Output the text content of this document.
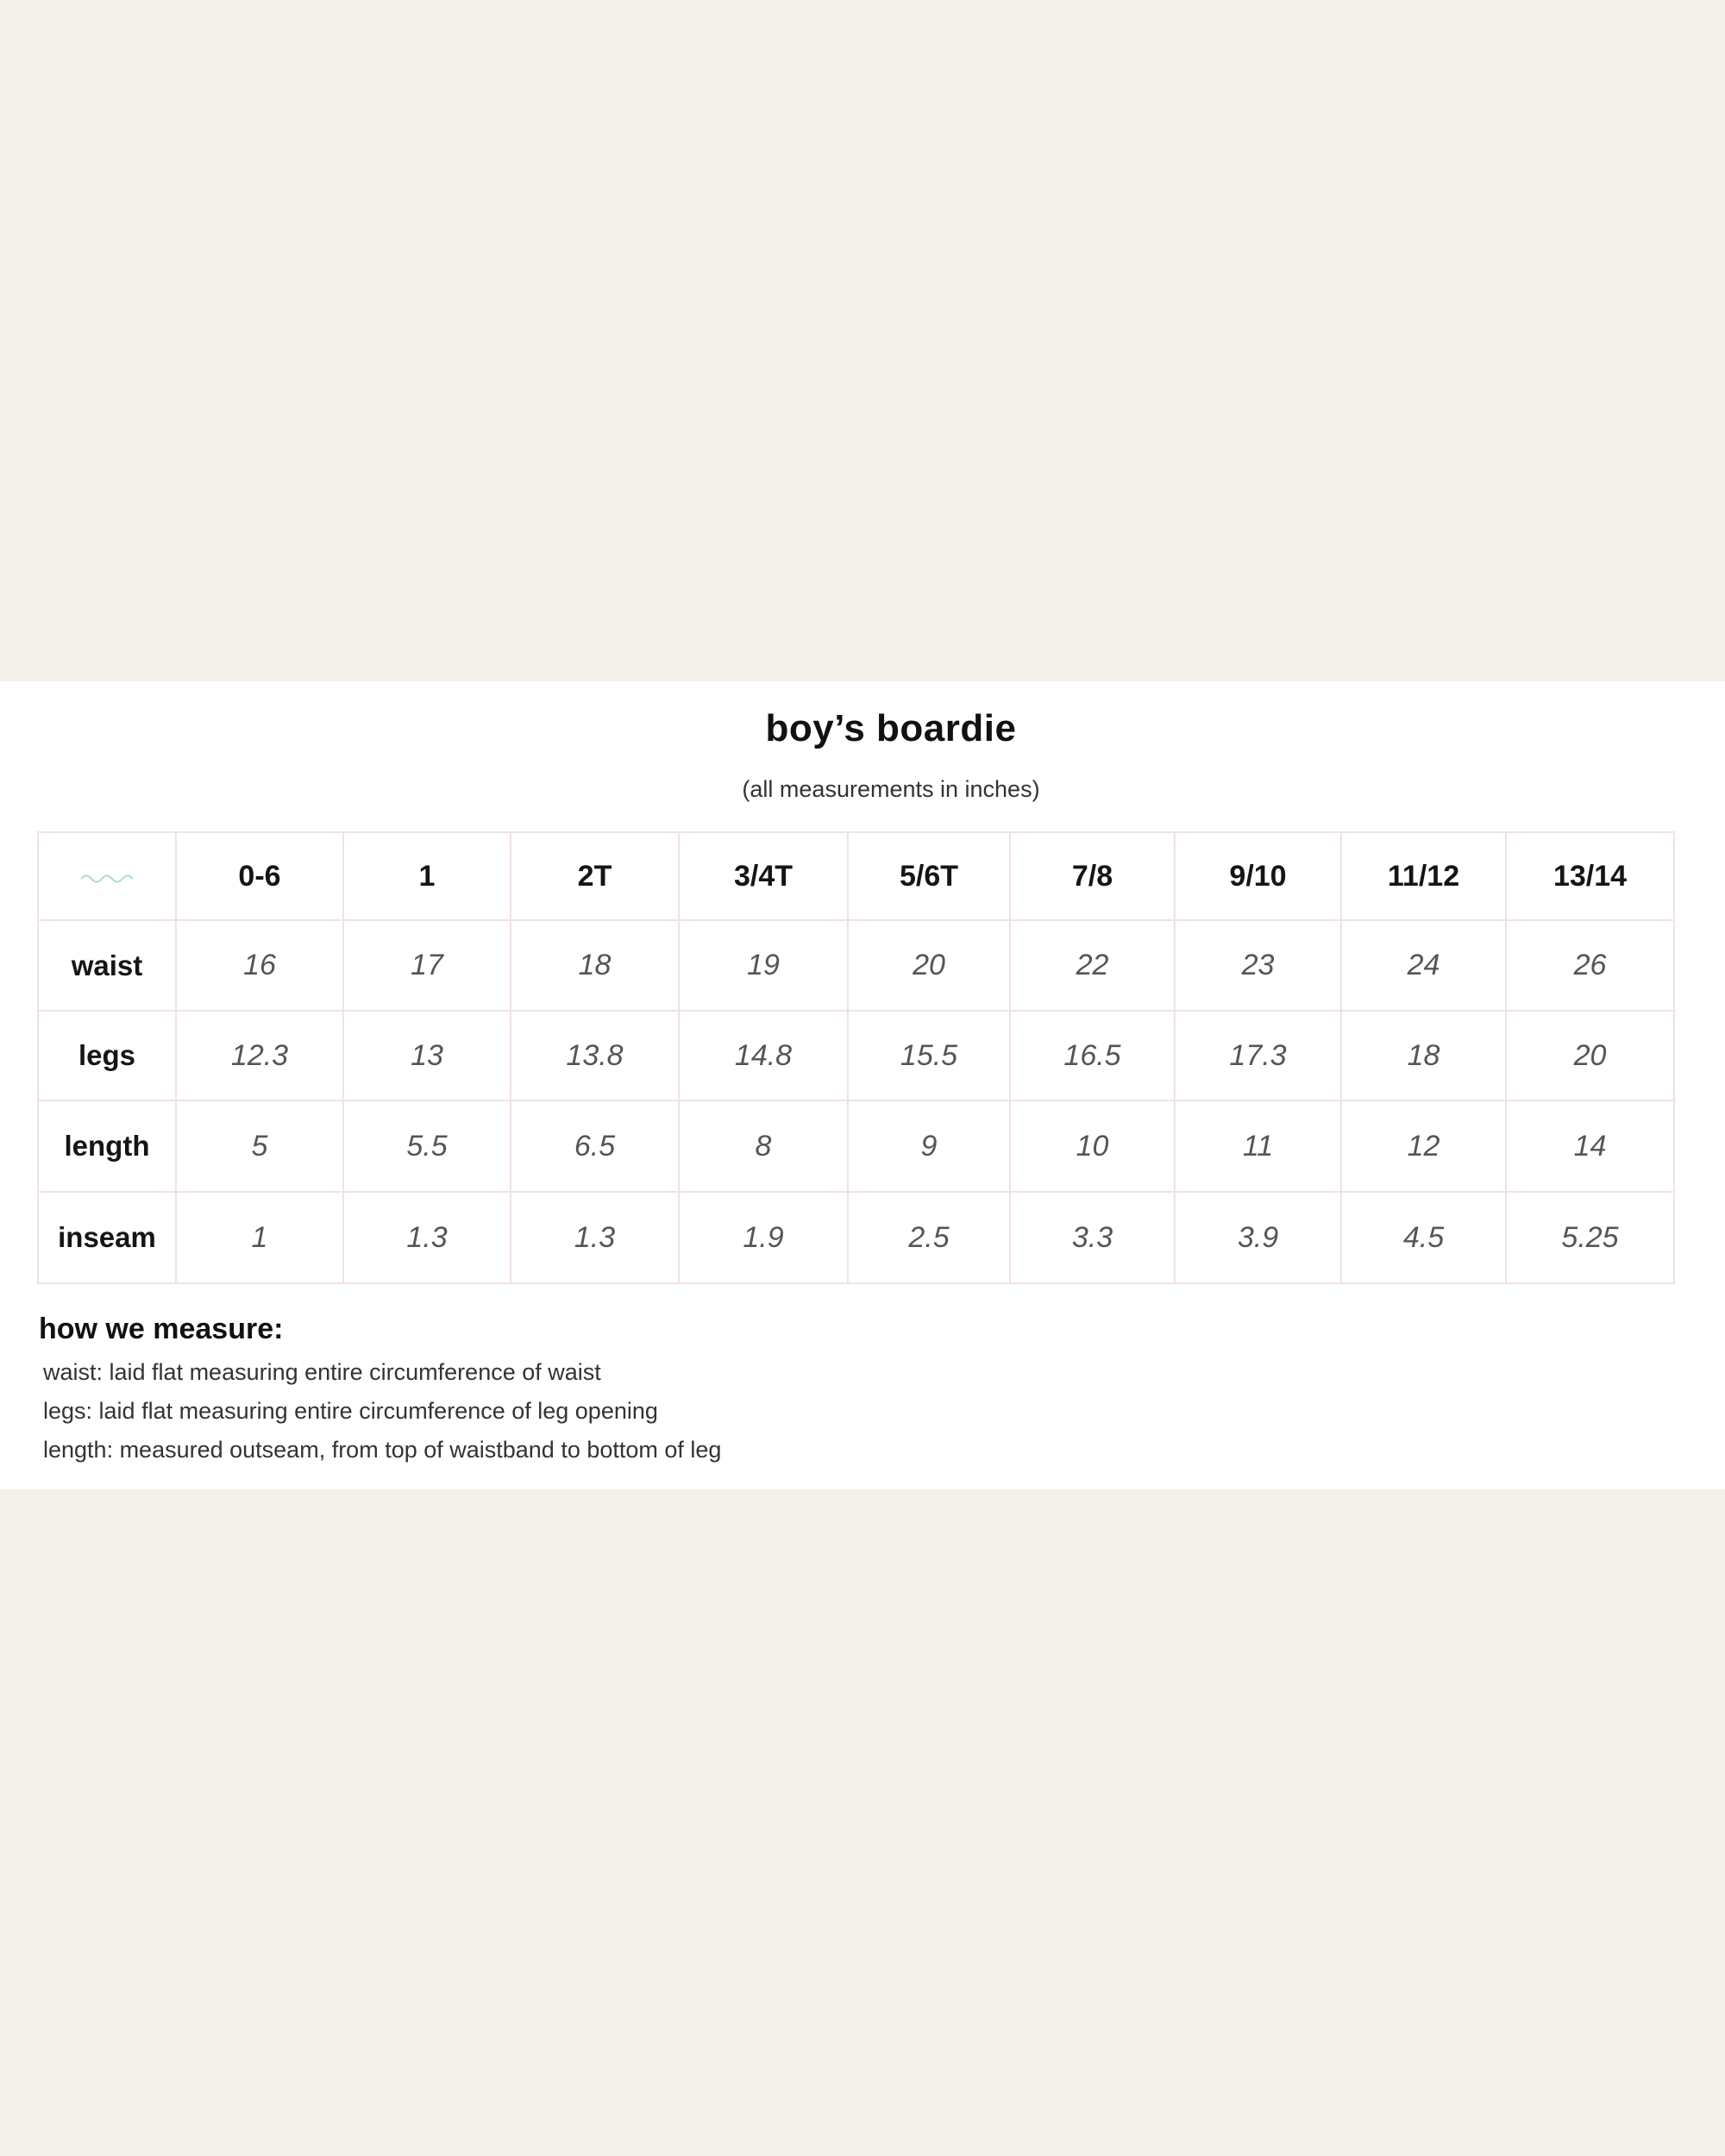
boy’s boardie
(all measurements in inches)
	0-6	1	2T	3/4T	5/6T	7/8	9/10	11/12	13/14
waist	16	17	18	19	20	22	23	24	26
legs	12.3	13	13.8	14.8	15.5	16.5	17.3	18	20
length	5	5.5	6.5	8	9	10	11	12	14
inseam	1	1.3	1.3	1.9	2.5	3.3	3.9	4.5	5.25
how we measure:
waist: laid flat measuring entire circumference of waist
legs: laid flat measuring entire circumference of leg opening
length: measured outseam, from top of waistband to bottom of leg
